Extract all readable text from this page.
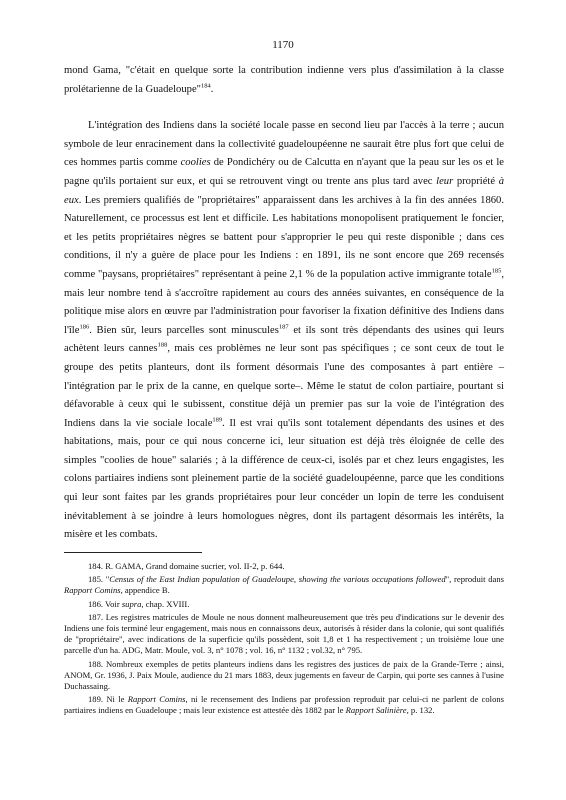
1170

mond Gama, "c'était en quelque sorte la contribution indienne vers plus d'assimilation à la classe prolétarienne de la Guadeloupe"$^{184}$.

L'intégration des Indiens dans la société locale passe en second lieu par l'accès à la terre ; aucun symbole de leur enracinement dans la collectivité guadeloupéenne ne saurait être plus fort que celui de ces hommes partis comme coolies de Pondichéry ou de Calcutta en n'ayant que la peau sur les os et le pagne qu'ils portaient sur eux, et qui se retrouvent vingt ou trente ans plus tard avec leur propriété à eux. Les premiers qualifiés de "propriétaires" apparaissent dans les archives à la fin des années 1860. Naturellement, ce processus est lent et difficile. Les habitations monopolisent pratiquement le foncier, et les petits propriétaires nègres se battent pour s'approprier le peu qui reste disponible ; dans ces conditions, il n'y a guère de place pour les Indiens : en 1891, ils ne sont encore que 269 recensés comme "paysans, propriétaires" représentant à peine 2,1 % de la population active immigrante totale$^{185}$, mais leur nombre tend à s'accroître rapidement au cours des années suivantes, en conséquence de la politique mise alors en œuvre par l'administration pour favoriser la fixation définitive des Indiens dans l'île$^{186}$. Bien sûr, leurs parcelles sont minuscules$^{187}$ et ils sont très dépendants des usines qui leurs achètent leurs cannes$^{188}$, mais ces problèmes ne leur sont pas spécifiques ; ce sont ceux de tout le groupe des petits planteurs, dont ils forment désormais l'une des composantes à part entière –l'intégration par le prix de la canne, en quelque sorte–. Même le statut de colon partiaire, pourtant si défavorable à ceux qui le subissent, constitue déjà un premier pas sur la voie de l'intégration des Indiens dans la vie sociale locale$^{189}$. Il est vrai qu'ils sont totalement dépendants des usines et des habitations, mais, pour ce qui nous concerne ici, leur situation est déjà très éloignée de celle des simples "coolies de houe" salariés ; à la différence de ceux-ci, isolés par et chez leurs engagistes, les colons partiaires indiens sont pleinement partie de la société guadeloupéenne, parce que les conditions qui leur sont faites par les grands propriétaires pour leur concéder un lopin de terre les conduisent inévitablement à se joindre à leurs homologues nègres, dont ils partagent désormais les intérêts, la misère et les combats.

184. R. GAMA, Grand domaine sucrier, vol. II-2, p. 644.

185. "Census of the East Indian population of Guadeloupe, showing the various occupations followed", reproduit dans Rapport Comins, appendice B.

186. Voir supra, chap. XVIII.

187. Les registres matricules de Moule ne nous donnent malheureusement que très peu d'indications sur le devenir des Indiens une fois terminé leur engagement, mais nous en connaissons deux, autorisés à résider dans la colonie, qui sont qualifiés de "propriétaire", avec indications de la superficie qu'ils possèdent, soit 1,8 et 1 ha respectivement ; un troisième loue une parcelle d'un ha. ADG, Matr. Moule, vol. 3, n° 1078 ; vol. 16, n° 1132 ; vol.32, n° 795.

188. Nombreux exemples de petits planteurs indiens dans les registres des justices de paix de la Grande-Terre ; ainsi, ANOM, Gr. 1936, J. Paix Moule, audience du 21 mars 1883, deux jugements en faveur de Carpin, qui porte ses cannes à l'usine Duchassaing.

189. Ni le Rapport Comins, ni le recensement des Indiens par profession reproduit par celui-ci ne parlent de colons partiaires indiens en Guadeloupe ; mais leur existence est attestée dès 1882 par le Rapport Salinière, p. 132.
